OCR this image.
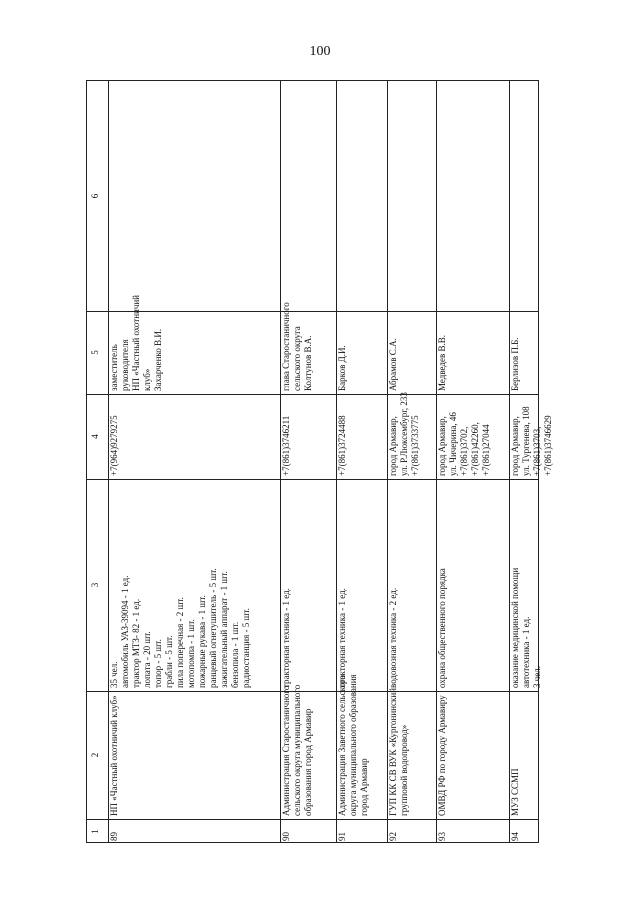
100
1
2
3
4
5
6
89
НП «Частный охотничий клуб»
35 чел. автомобиль УАЗ-39094 - 1 ед. трактор МТЗ- 82 - 1 ед. лопата - 20 шт. топор - 5 шт. грабли - 5 шт. пила поперечная - 2 шт. мотопомпа - 1 шт. пожарные рукава - 1 шт. ранцевый огнетушитель - 5 шт. зажигательный аппарат - 1 шт. бензопила - 1 шт. радиостанция - 5 шт.
+7(964)9279275
заместитель руководителя НП «Частный охотничий клуб» Захарченко В.И.
90
Администрация Старостаничного сельского округа муниципального образования город Армавир
тракторная техника - 1 ед.
+7(861)3746211
глава Старостаничного сельского округа Колтунов В.А.
91
Администрация Заветного сельского округа муниципального образования город Армавир
тракторная техника - 1 ед.
+7(861)3724488
Барков Д.И.
92
ГУП КК СВ ВУК «Кургонинский групповой водопровод»
водовозная техника - 2 ед.
город Армавир, ул. Р.Люксембург, 233 +7(861)3733775
Абрамов С.А.
93
ОМВД РФ по городу Армавиру
охрана общественного порядка
город Армавир, ул. Чичерина, 46 +7(861)3702, +7(861)42260, +7(861)27044
Медведев В.В.
94
МУЗ ССМП
оказание медицинской помощи автотехника - 1 ед. 3 чел.
город Армавир, ул. Тургенева, 108 +7(861)3703, +7(861)3746629
Берлизов П.Б.
